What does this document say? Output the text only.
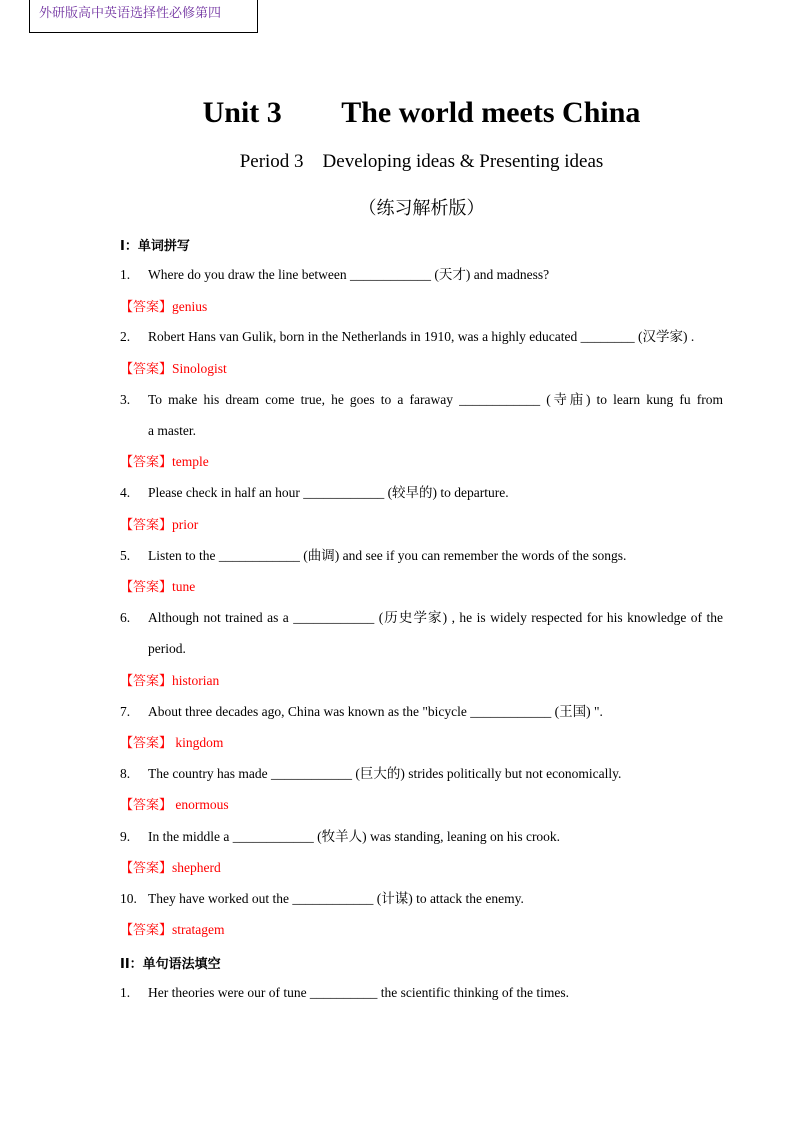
外研版高中英语选择性必修第四
Unit 3        The world meets China
Period 3    Developing ideas & Presenting ideas
（练习解析版）
I：单词拼写
1.	Where do you draw the line between ____________ (天才) and madness?
【答案】genius
2.	Robert Hans van Gulik, born in the Netherlands in 1910, was a highly educated ________ (汉学家) .
【答案】Sinologist
3. To make his dream come true, he goes to a faraway ____________ (寺庙) to learn kung fu from
a master.
【答案】temple
4.	Please check in half an hour ____________ (较早的) to departure.
【答案】prior
5.	Listen to the ____________ (曲调) and see if you can remember the words of the songs.
【答案】tune
6. Although not trained as a ____________ (历史学家) , he is widely respected for his knowledge of the
period.
【答案】historian
7.	About three decades ago, China was known as the "bicycle ____________ (王国) ".
【答案】 kingdom
8.	The country has made ____________ (巨大的) strides politically but not economically.
【答案】 enormous
9.	In the middle a ____________ (牧羊人) was standing, leaning on his crook.
【答案】shepherd
10. They have worked out the ____________ (计谋) to attack the enemy.
【答案】stratagem
II：单句语法填空
1.	Her theories were our of tune __________ the scientific thinking of the times.
